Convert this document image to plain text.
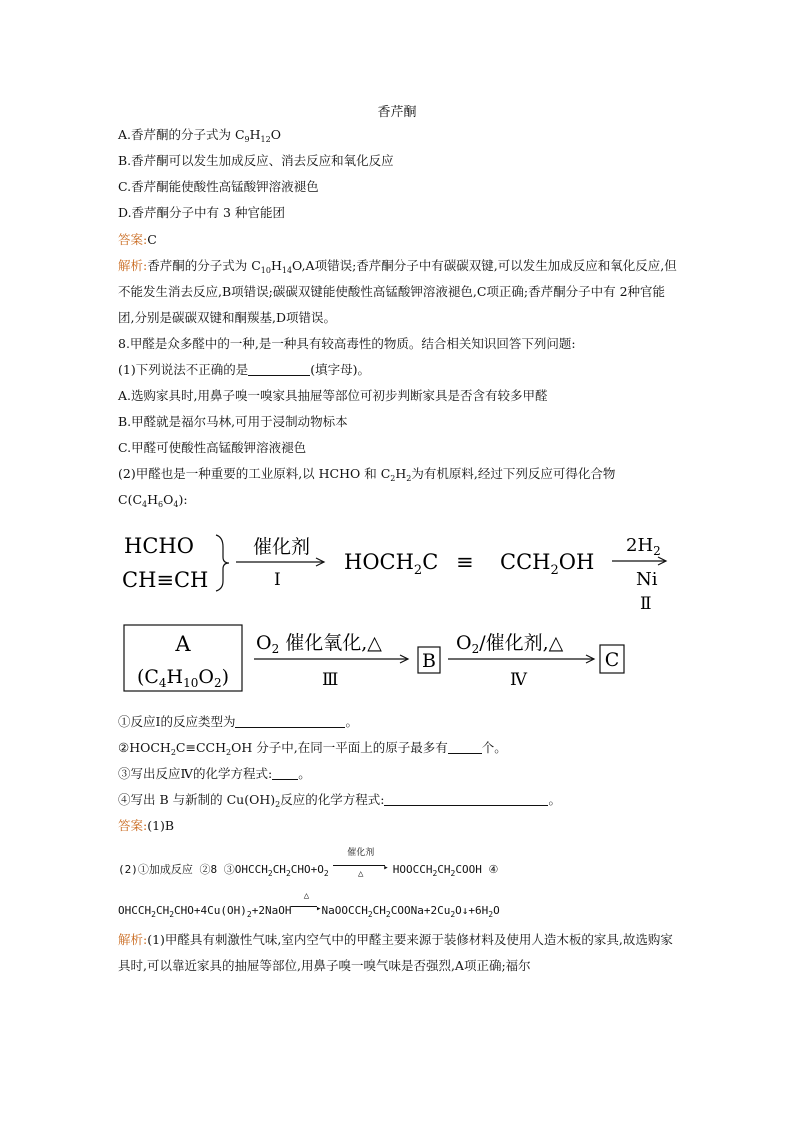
香芹酮
A.香芹酮的分子式为 $C_9H_{12}O$
B.香芹酮可以发生加成反应、消去反应和氧化反应
C.香芹酮能使酸性高锰酸钾溶液褪色
D.香芹酮分子中有 3 种官能团
答案:C
解析:香芹酮的分子式为 $C_{10}H_{14}O,A$项错误;香芹酮分子中有碳碳双键,可以发生加成反应和氧化反应,但不能发生消去反应,B项错误;碳碳双键能使酸性高锰酸钾溶液褪色,C项正确;香芹酮分子中有 2种官能团,分别是碳碳双键和酮羰基,D项错误。
8.甲醛是众多醛中的一种,是一种具有较高毒性的物质。结合相关知识回答下列问题:
(1)下列说法不正确的是	(填字母)。
A.选购家具时,用鼻子嗅一嗅家具抽屉等部位可初步判断家具是否含有较多甲醛
B.甲醛就是福尔马林,可用于浸制动物标本
C.甲醛可使酸性高锰酸钾溶液褪色
(2)甲醛也是一种重要的工业原料,以 HCHO 和 $C_2H_2$为有机原料,经过下列反应可得化合物
$C(C_4H_6O_4)$:
HCHO
CH≡CH
催化剂
Ⅰ
$HOCH_2C \equiv CCH_2OH$
$2H_2$
Ni
Ⅱ
A
$(C_4H_{10}O_2)$
$O_2$ 催化氧化,△
Ⅲ
B
$O_2/$催化剂,△
Ⅳ
C
①反应Ⅰ的反应类型为	。
$②HOCH_2C\equiv CCH_2OH$ 分子中,在同一平面上的原子最多有	个。
③写出反应Ⅳ的化学方程式: 。
④写出 B 与新制的 $Cu(OH)_2$反应的化学方程式:	。
答案:(1)B
(2)①加成反应 ②8 $③OHCCH_2CH_2CHO+O_2$
催化剂
▸
△	$HOOCCH_2CH_2COOH$ ④
$OHCCH_2CH_2CHO+4Cu(OH)_2+2NaOH$
△
▸ $NaOOCCH_2CH_2COONa+2Cu_2O↓+6H_2O$
解析:(1)甲醛具有刺激性气味,室内空气中的甲醛主要来源于装修材料及使用人造木板的家具,故选购家具时,可以靠近家具的抽屉等部位,用鼻子嗅一嗅气味是否强烈,A项正确;福尔
